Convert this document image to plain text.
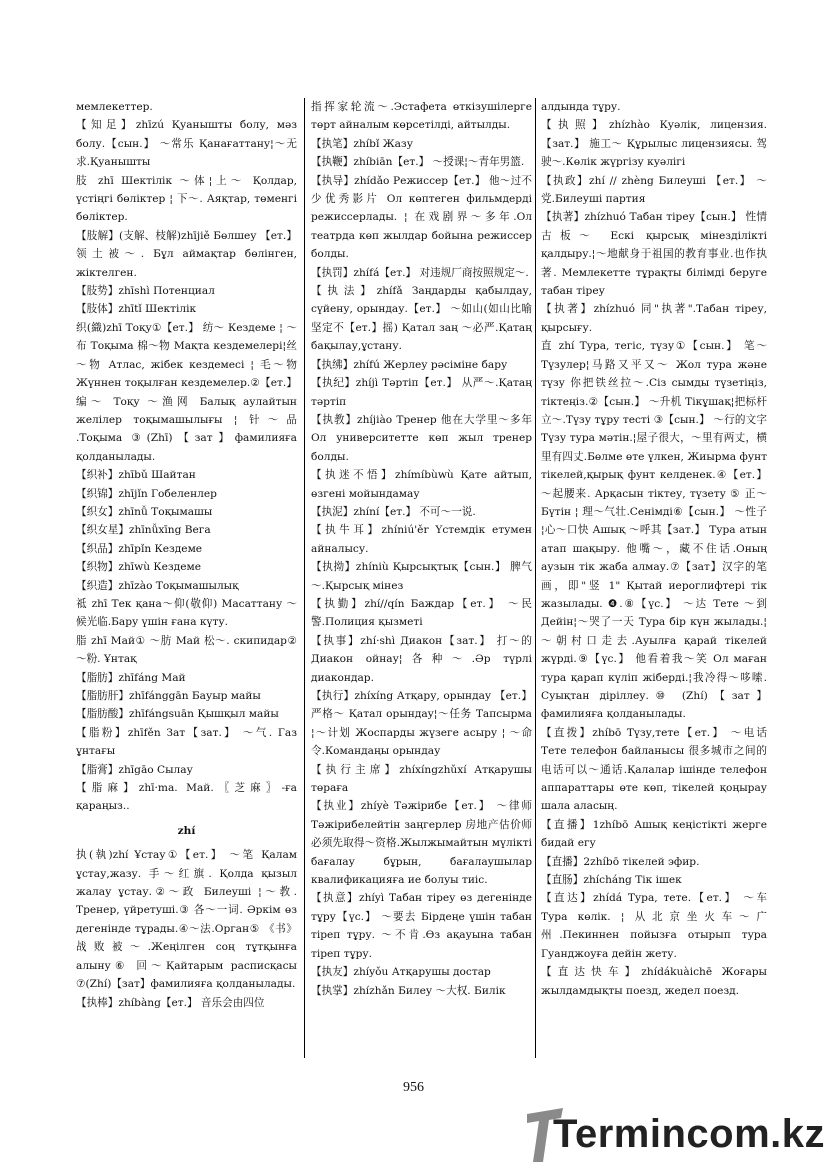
мемлекеттер.

【知足】zhīzú Қуанышты болу, мәз болу.【сын.】 ～常乐 Қанағаттану¦～无求.Қуанышты

肢 zhī Шектілік ～体¦上～ Қолдар, үстіңгі бөліктер ¦ 下～. Аяқтар, төменгі бөліктер.

【肢解】(支解、枝解)zhījiě Бөлшеу 【ет.】 领土被～. Бұл аймақтар бөлінген, жіктелген.

【肢势】zhīshì Потенциал

【肢体】zhītǐ Шектілік

织(織)zhī Тоқу①【ет.】 纺～ Кездеме ¦ ～布 Тоқыма 棉～物 Мақта кездемелері¦丝～物 Атлас, жібек кездемесі ¦ 毛～物 Жүннен тоқылған кездемелер.②【ет.】 编～ Тоқу ～渔网 Балық аулайтын желілер тоқымашылығы ¦ 针～品 .Тоқыма ③(Zhī)【зат】фамилияға қолданылады.

【织补】zhībǔ Шайтан

【织锦】zhījǐn Гобеленлер

【织女】zhīnǚ Тоқымашы

【织女星】zhīnǚxīng Вега

【织品】zhīpǐn Кездеме

【织物】zhīwù Кездеме

【织造】zhīzào Тоқымашылық

祗 zhī Тек қана～仰(敬仰) Масаттану ～候光临.Бару үшін ғана күту.

脂 zhī Май① ～肪 Май 松～. скипидар②～粉. Ұнтақ

【脂肪】zhīfáng Май

【脂肪肝】zhīfánggān Бауыр майы

【脂肪酸】zhīfángsuān Қышқыл майы

【脂粉】zhīfěn Зат【зат.】 ～气. Газ ұнтағы

【脂膏】zhīgāo Сылау

【脂麻】zhī·ma. Май.〖芝麻〗-ға қараңыз..

zhí

执(執)zhí Ұстау①【ет.】 ～笔 Қалам ұстау,жазу. 手～红旗. Қолда қызыл жалау ұстау.②～政 Билеуші ¦～教. Тренер, үйретуші.③ 各～一词. Әркім өз дегенінде тұрады.④～法.Орган⑤ 《书》 战败被～.Жеңілген соң тұтқынға алыну⑥ 回～Қайтарым расписқасы ⑦(Zhí)【зат】фамилияға қолданылады.

【执棒】zhíbàng【ет.】 音乐会由四位

指挥家轮流～.Эстафета өткізушілерге төрт айналым көрсетілді, айтылды.

【执笔】zhíbǐ Жазу

【执鞭】zhíbiān【ет.】 ～授课¦～青年男篮.

【执导】zhídǎo Режиссер【ет.】 他～过不少优秀影片 Ол көптеген фильмдерді режиссерлады. ¦ 在戏剧界～多年.Ол театрда көп жылдар бойына режиссер болды.

【执罚】zhífá【ет.】 对违规厂商按照规定～.

【执法】zhífǎ Заңдарды қабылдау, сүйену, орындау.【ет.】 ～如山(如山比喻坚定不【ет.】摇) Қатал заң ～必严.Қатаң бақылау,ұстану.

【执绋】zhífú Жерлеу рәсіміне бару

【执纪】zhíjì Тәртіп【ет.】 从严～.Қатаң тәртіп

【执教】zhíjiào Тренер 他在大学里～多年 Ол университетте көп жыл тренер болды.

【执迷不悟】zhímíbùwù Қате айтып, өзгені мойындамау

【执泥】zhíní【ет.】 不可～一说.

【执牛耳】zhíniú'ěr Үстемдік етумен айналысу.

【执拗】zhíniù Қырсықтық【сын.】 脾气～.Қырсық мінез

【执勤】zhí//qín Баждар【ет.】 ～民警.Полиция қызметі

【执事】zhí·shì Диакон【зат.】 打～的 Диакон ойнау¦各种～.Әр түрлі диакондар.

【执行】zhíxíng Атқару, орындау 【ет.】 严格～ Қатал орындау¦～任务 Тапсырма ¦～计划 Жоспарды жүзеге асыру ¦ ～命令.Командаңы орындау

【执行主席】zhíxíngzhǔxí Атқарушы төраға

【执业】zhíyè Тәжірибе【ет.】 ～律师 Тәжірибелейтін заңгерлер 房地产估价师必须先取得～资格.Жылжымайтын мүлікті бағалау бұрын, бағалаушылар квалификацияға ие болуы тиіс.

【执意】zhíyì Табан тіреу өз дегенінде тұру【үс.】 ～要去 Бірдеңе үшін табан тіреп тұру. ～不肯.Өз ақауына табан тіреп тұру.

【执友】zhíyǒu Атқарушы достар

【执掌】zhízhǎn Билеу ～大权. Билік

алдында тұру.

【执照】zhízhào Куәлік, лицензия. 【зат.】 施工～ Құрылыс лицензиясы. 驾驶～.Көлік жүргізу куәлігі

【执政】zhí // zhèng Билеуші 【ет.】 ～党.Билеуші партия

【执著】zhízhuó Табан тіреу【сын.】 性情古板～ Ескі қырсық мінезділікті қалдыру.¦～地献身于祖国的教育事业.也作执著. Мемлекетте тұрақты білімді беруге табан тіреу

【执著】zhízhuó 同"执著".Табан тіреу, қырсығу.

直 zhí Тура, тегіс, түзу①【сын.】 笔～Түзулер¦马路又平又～ Жол тура және түзу 你把铁丝拉～.Сіз сымды түзетіңіз, тіктеңіз.②【сын.】 ～升机 Тікұшақ¦把标杆立～.Түзу тұру тесті ③【сын.】 ～行的文字 Түзу тура мәтін.¦屋子很大，～里有两丈，横里有四丈.Бөлме өте үлкен, Жиырма фунт тікелей,қырық фунт келденек.④【ет.】 ～起腰来. Арқасын тіктеу, түзету ⑤ 正～Бүтін ¦ 理～气壮.Сенімді⑥【сын.】 ～性子 ¦心～口快 Ашық ～呼其【зат.】 Тура атын атап шақыру. 他嘴～，藏不住话.Оның аузын тік жаба алмау.⑦【зат】汉字的笔画，即"竖 1" Қытай иероглифтері тік жазылады. ❹.⑧【үс.】 ～达 Тете ～到 Дейін¦～哭了一天 Тура бір күн жылады.¦～朝村口走去.Ауылға қарай тікелей жүрді.⑨【үс.】 他看着我～笑 Ол маған тура қарап күліп жіберді.¦我冷得～哆嗦. Суықтан діріллеу.⑩ (Zhí)【зат】фамилияға қолданылады.

【直拨】zhíbō Түзу,тете【ет.】 ～电话 Тете телефон байланысы 很多城市之间的电话可以～通话.Қалалар ішінде телефон аппараттары өте көп, тікелей қоңырау шала аласың.

【直播】1zhíbō Ашық кеңістікті жерге бидай егу

【直播】2zhíbō тікелей эфир.

【直肠】zhícháng Тік ішек

【直达】zhídá Тура, тете.【ет.】 ～车 Тура көлік. ¦ 从北京坐火车～广州.Пекиннен пойызға отырып тура Гуанджоуға дейін жету.

【直达快车】zhídákuàichē Жоғары жылдамдықты поезд, жедел поезд.

956
Termincom.kz
